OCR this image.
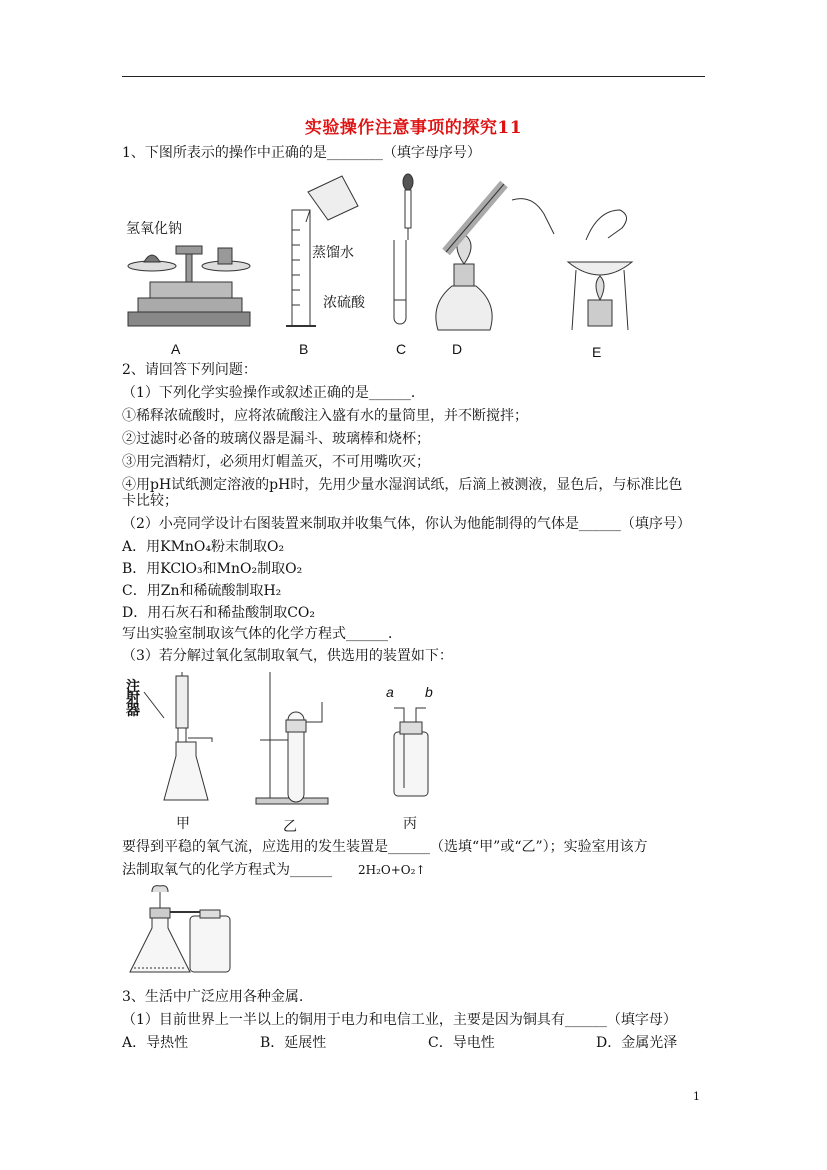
实验操作注意事项的探究11
1、下图所表示的操作中正确的是________（填字母序号）
氢氧化钠
蒸馏水
浓硫酸
A	B	C	D	E
2、请回答下列问题：
（1）下列化学实验操作或叙述正确的是______．
①稀释浓硫酸时，应将浓硫酸注入盛有水的量筒里，并不断搅拌；
②过滤时必备的玻璃仪器是漏斗、玻璃棒和烧杯；
③用完酒精灯，必须用灯帽盖灭，不可用嘴吹灭；
④用pH试纸测定溶液的pH时，先用少量水湿润试纸，后滴上被测液，显色后，与标准比色
卡比较；
（2）小亮同学设计右图装置来制取并收集气体，你认为他能制得的气体是______（填序号）
A．用KMnO₄粉末制取O₂
B．用KClO₃和MnO₂制取O₂
C．用Zn和稀硫酸制取H₂
D．用石灰石和稀盐酸制取CO₂
写出实验室制取该气体的化学方程式______．
（3）若分解过氧化氢制取氧气，供选用的装置如下：
a b
注射器
甲	乙	丙
要得到平稳的氧气流，应选用的发生装置是______（选填“甲”或“乙”）；实验室用该方
法制取氧气的化学方程式为______ 2H₂O+O₂↑
3、生活中广泛应用各种金属.
（1）目前世界上一半以上的铜用于电力和电信工业，主要是因为铜具有______（填字母）
A．导热性	B．延展性	C．导电性	D．金属光泽
1
